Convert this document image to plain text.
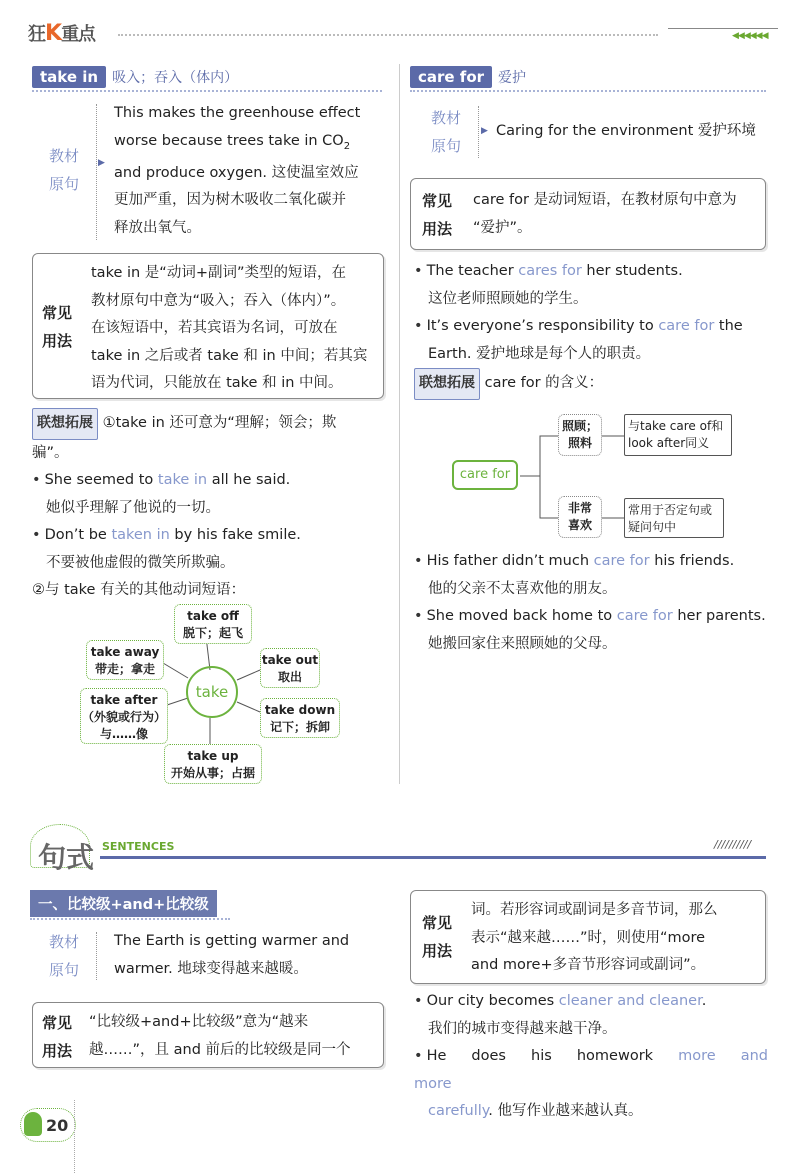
狂K重点	◀◀◀◀◀◀
take in 吸入；吞入（体内）
教材
原句
▶
This makes the greenhouse effect
worse because trees take in $CO_2$
and produce oxygen. 这使温室效应
更加严重，因为树木吸收二氧化碳并
释放出氧气。
常见
用法
take in 是“动词+副词”类型的短语，在
教材原句中意为“吸入；吞入（体内）”。
在该短语中，若其宾语为名词，可放在
take in 之后或者 take 和 in 中间；若其宾
语为代词，只能放在 take 和 in 中间。
联想拓展 ①take in 还可意为“理解；领会；欺
骗”。
• She seemed to take in all he said.
她似乎理解了他说的一切。
• Don’t be taken in by his fake smile.
不要被他虚假的微笑所欺骗。
②与 take 有关的其他动词短语：
take
take off
脱下；起飞
take away
带走；拿走
take out
取出
take after
（外貌或行为）
与……像
take down
记下；拆卸
take up
开始从事；占据
care for 爱护
教材
原句
▶ Caring for the environment 爱护环境
常见
用法
care for 是动词短语，在教材原句中意为
“爱护”。
• The teacher cares for her students.
这位老师照顾她的学生。
• It’s everyone’s responsibility to care for the
Earth. 爱护地球是每个人的职责。
联想拓展 care for 的含义：
care for
照顾；
照料
与take care of和
look after同义
非常
喜欢
常用于否定句或
疑问句中
• His father didn’t much care for his friends.
他的父亲不太喜欢他的朋友。
• She moved back home to care for her parents.
她搬回家住来照顾她的父母。
句式 SENTENCES	//////////
一、比较级+and+比较级
教材
原句
The Earth is getting warmer and
warmer. 地球变得越来越暖。
常见
用法
“比较级+and+比较级”意为“越来
越……”，且 and 前后的比较级是同一个
常见
用法
词。若形容词或副词是多音节词，那么
表示“越来越……”时，则使用“more
and more+多音节形容词或副词”。
• Our city becomes cleaner and cleaner.
我们的城市变得越来越干净。
• He does his homework more and more
carefully. 他写作业越来越认真。
20
